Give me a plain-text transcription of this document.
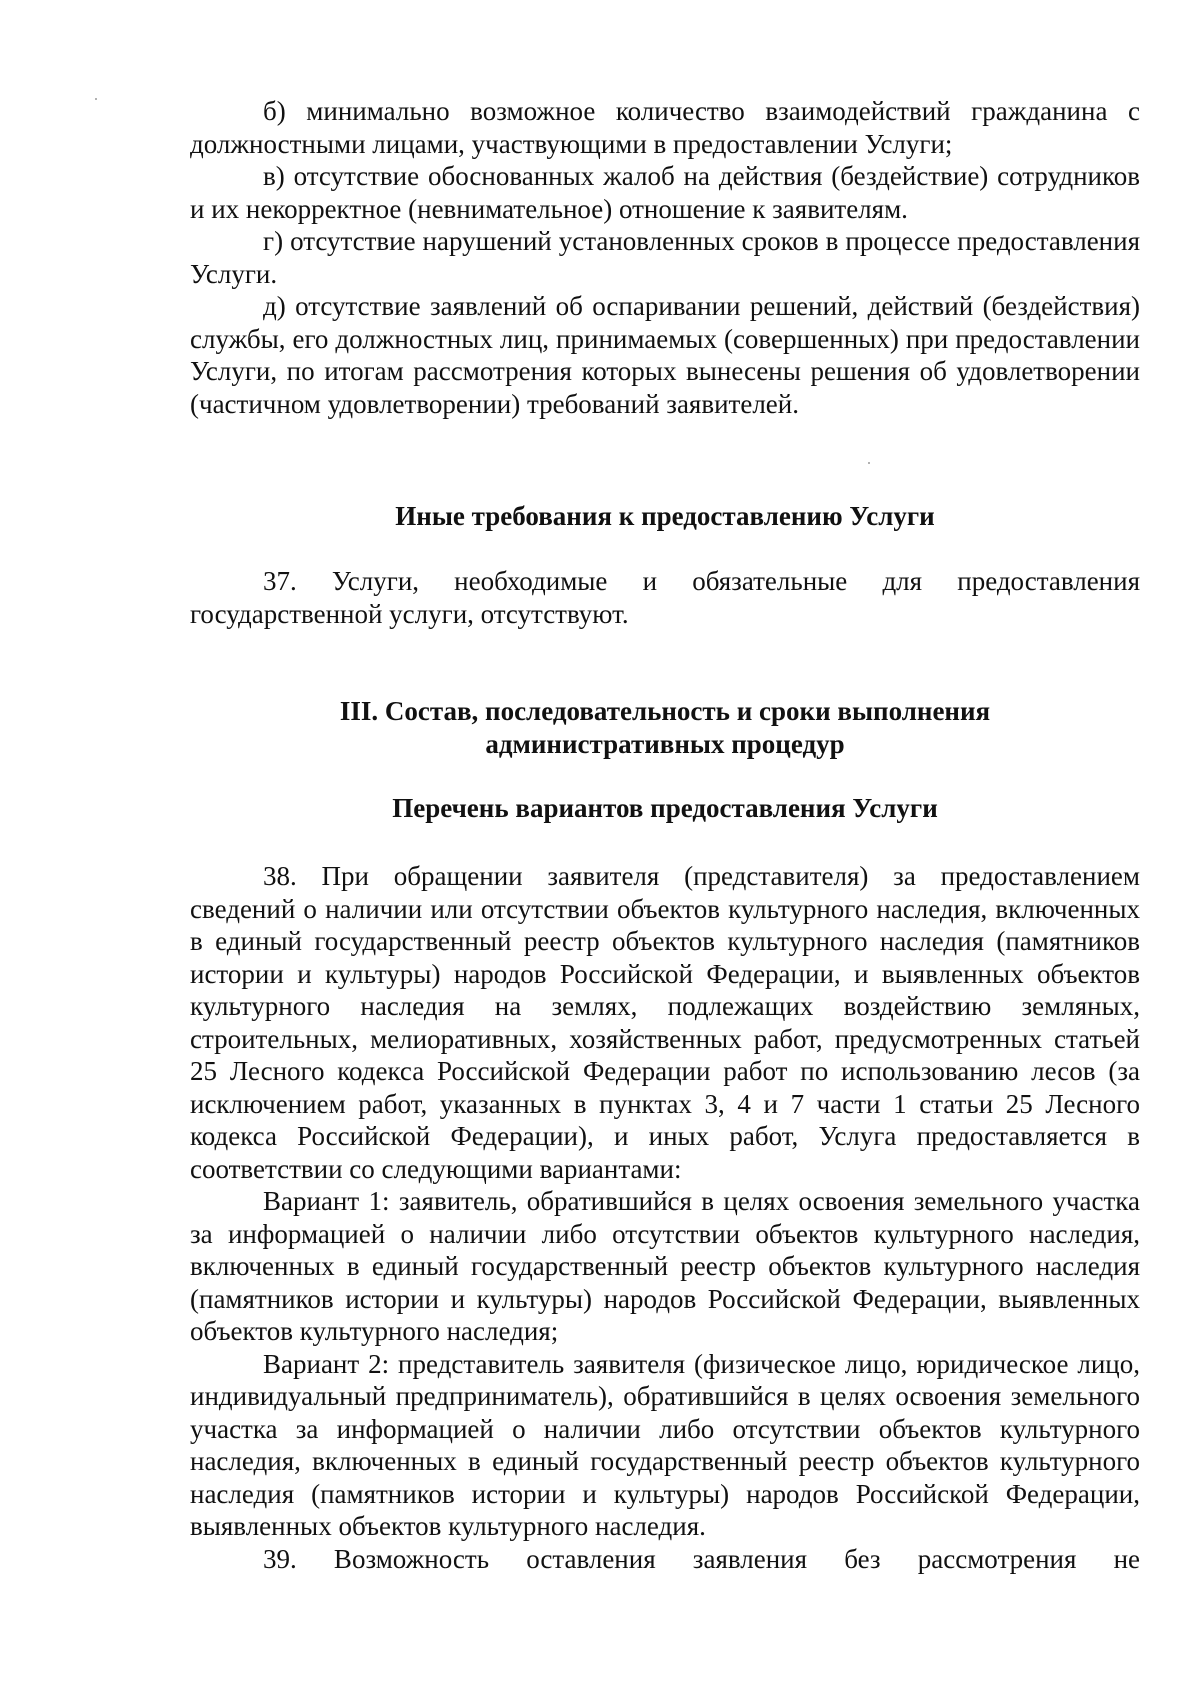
б) минимально возможное количество взаимодействий гражданина с должностными лицами, участвующими в предоставлении Услуги;

в) отсутствие обоснованных жалоб на действия (бездействие) сотрудников и их некорректное (невнимательное) отношение к заявителям.

г) отсутствие нарушений установленных сроков в процессе предоставления Услуги.

д) отсутствие заявлений об оспаривании решений, действий (бездействия) службы, его должностных лиц, принимаемых (совершенных) при предоставлении Услуги, по итогам рассмотрения которых вынесены решения об удовлетворении (частичном удовлетворении) требований заявителей.

Иные требования к предоставлению Услуги

37. Услуги, необходимые и обязательные для предоставления государственной услуги, отсутствуют.

III. Состав, последовательность и сроки выполнения

административных процедур

Перечень вариантов предоставления Услуги

38. При обращении заявителя (представителя) за предоставлением сведений о наличии или отсутствии объектов культурного наследия, включенных в единый государственный реестр объектов культурного наследия (памятников истории и культуры) народов Российской Федерации, и выявленных объектов культурного наследия на землях, подлежащих воздействию земляных, строительных, мелиоративных, хозяйственных работ, предусмотренных статьей 25 Лесного кодекса Российской Федерации работ по использованию лесов (за исключением работ, указанных в пунктах 3, 4 и 7 части 1 статьи 25 Лесного кодекса Российской Федерации), и иных работ, Услуга предоставляется в соответствии со следующими вариантами:

Вариант 1: заявитель, обратившийся в целях освоения земельного участка за информацией о наличии либо отсутствии объектов культурного наследия, включенных в единый государственный реестр объектов культурного наследия (памятников истории и культуры) народов Российской Федерации, выявленных объектов культурного наследия;

Вариант 2: представитель заявителя (физическое лицо, юридическое лицо, индивидуальный предприниматель), обратившийся в целях освоения земельного участка за информацией о наличии либо отсутствии объектов культурного наследия, включенных в единый государственный реестр объектов культурного наследия (памятников истории и культуры) народов Российской Федерации, выявленных объектов культурного наследия.

39. Возможность оставления заявления без рассмотрения не
